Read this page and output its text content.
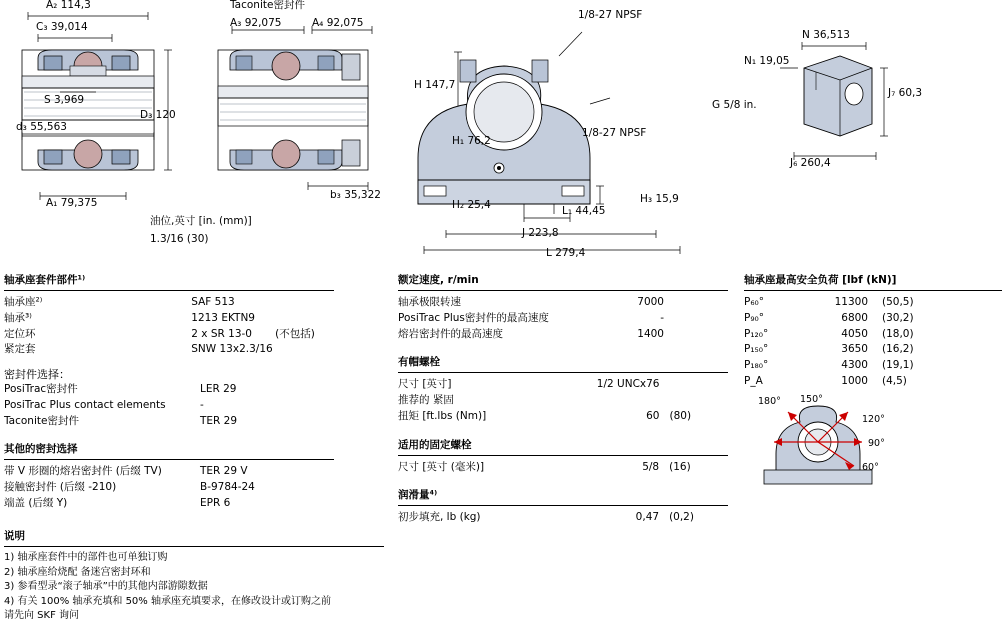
A₂ 114,3
C₃ 39,014
S 3,969
d₃ 55,563
D₃ 120
A₁ 79,375
Taconite密封件
A₃ 92,075	A₄ 92,075
b₃ 35,322
油位,英寸 [in. (mm)]
1.3/16 (30)
1/8-27 NPSF
1/8-27 NPSF
H 147,7
H₁ 76,2
H₂ 25,4
G 5/8 in.
L₁ 44,45
H₃ 15,9
J 223,8
L 279,4
N 36,513
N₁ 19,05
J₇ 60,3
J₆ 260,4
180° 150°
120°
90°
60°
轴承座套件部件¹⁾
轴承座²⁾	SAF 513	
轴承³⁾	1213 EKTN9	
定位环	2 x SR 13-0	(不包括)
紧定套	SNW 13x2.3/16	
密封件选择：
PosiTrac密封件	LER 29
PosiTrac Plus contact elements	-
Taconite密封件	TER 29
其他的密封选择
带 V 形圈的熔岩密封件 (后缀 TV)	TER 29 V
接触密封件 (后缀 -210)	B-9784-24
端盖 (后缀 Y)	EPR 6
说明
1) 轴承座套件中的部件也可单独订购
2) 轴承座给烧配 备迷宫密封环和
3) 参看型录“滚子轴承”中的其他内部游隙数据
4) 有关 100% 轴承充填和 50% 轴承座充填要求，在修改设计或订购之前
请先向 SKF 询问
额定速度, r/min
轴承极限转速	7000
PosiTrac Plus密封件的最高速度	-
熔岩密封件的最高速度	1400
有帽螺栓
尺寸 [英寸]	1/2 UNCx76	
推荐的 紧固		
扭矩 [ft.lbs (Nm)]	60	(80)
适用的固定螺栓
尺寸 [英寸 (毫米)]	5/8	(16)
润滑量⁴⁾
初步填充, lb (kg)	0,47	(0,2)
轴承座最高安全负荷 [lbf (kN)]
P₆₀°	11300	(50,5)
P₉₀°	6800	(30,2)
P₁₂₀°	4050	(18,0)
P₁₅₀°	3650	(16,2)
P₁₈₀°	4300	(19,1)
P_A	1000	(4,5)
